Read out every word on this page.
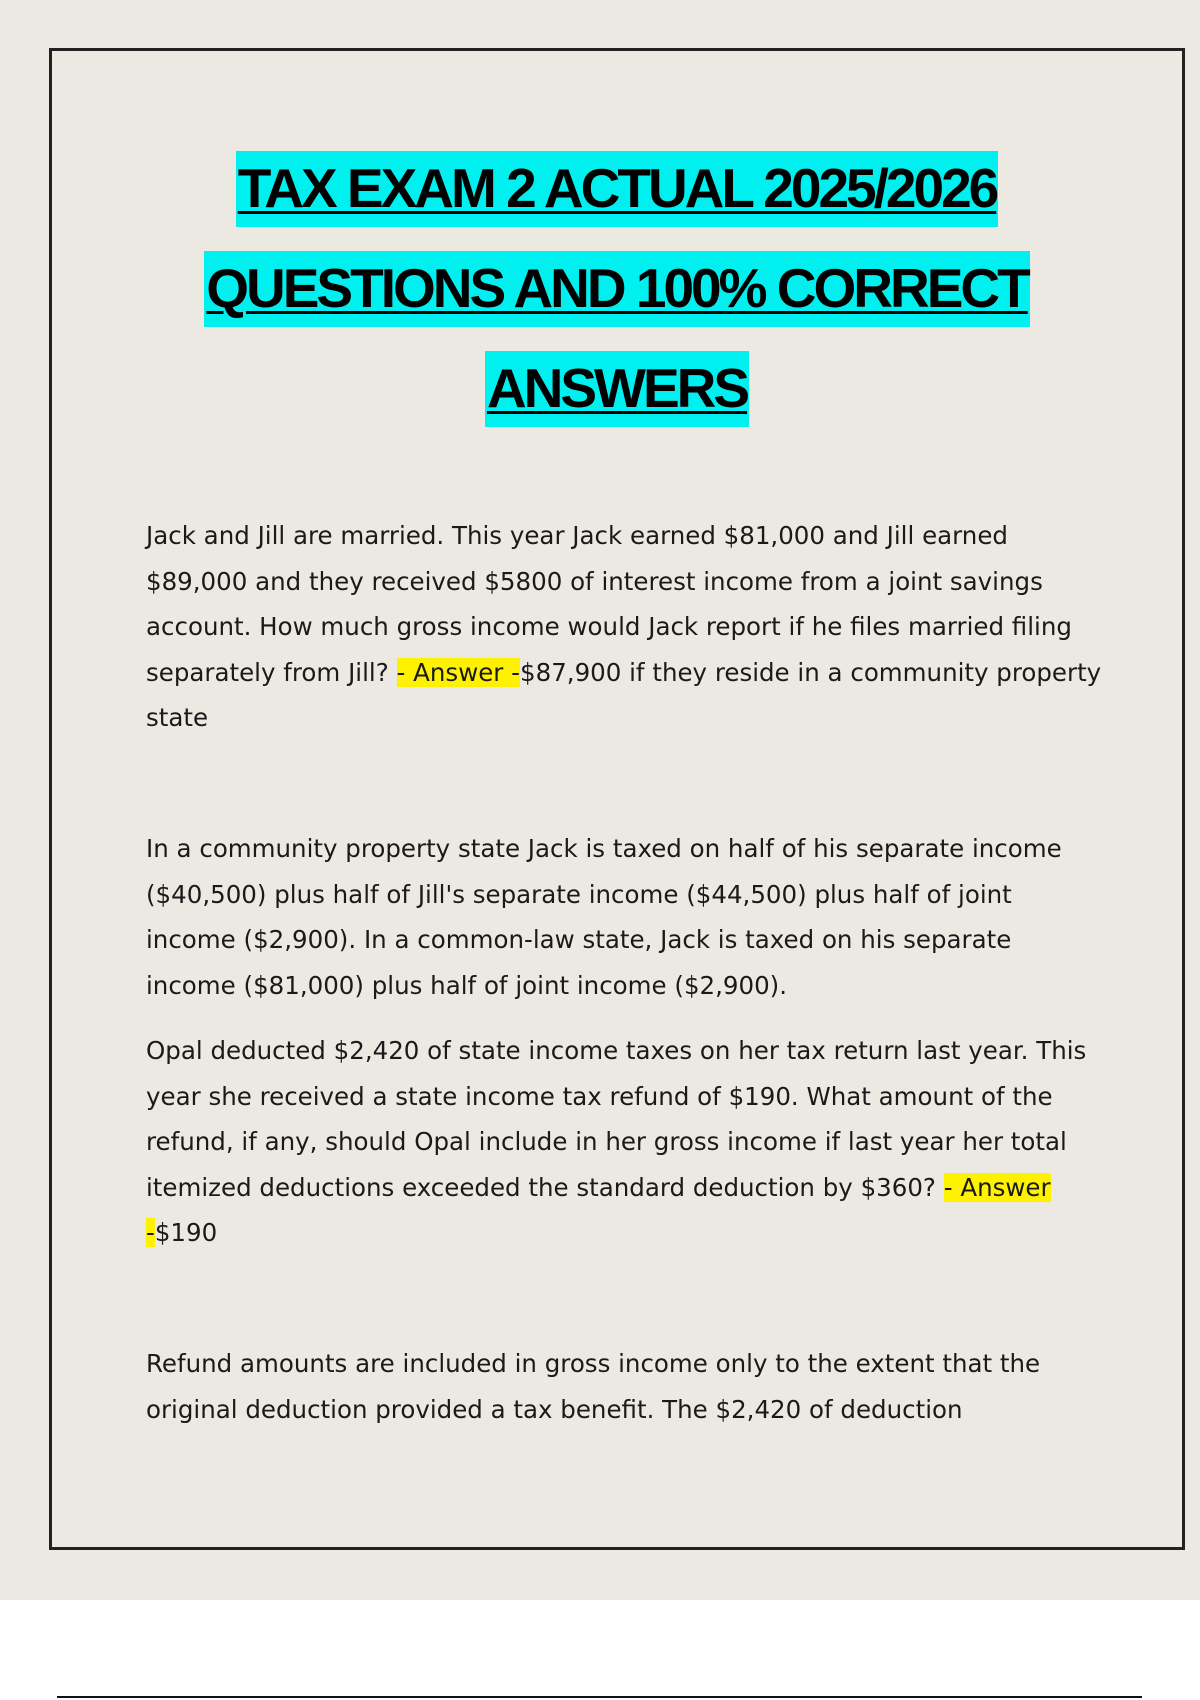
TAX EXAM 2 ACTUAL 2025/2026
QUESTIONS AND 100% CORRECT
ANSWERS

Jack and Jill are married. This year Jack earned $81,000 and Jill earned $89,000 and they received $5800 of interest income from a joint savings account. How much gross income would Jack report if he files married filing separately from Jill? - Answer -$87,900 if they reside in a community property state

In a community property state Jack is taxed on half of his separate income ($40,500) plus half of Jill's separate income ($44,500) plus half of joint income ($2,900). In a common-law state, Jack is taxed on his separate income ($81,000) plus half of joint income ($2,900).

Opal deducted $2,420 of state income taxes on her tax return last year. This year she received a state income tax refund of $190. What amount of the refund, if any, should Opal include in her gross income if last year her total itemized deductions exceeded the standard deduction by $360? - Answer -$190

Refund amounts are included in gross income only to the extent that the original deduction provided a tax benefit. The $2,420 of deduction
